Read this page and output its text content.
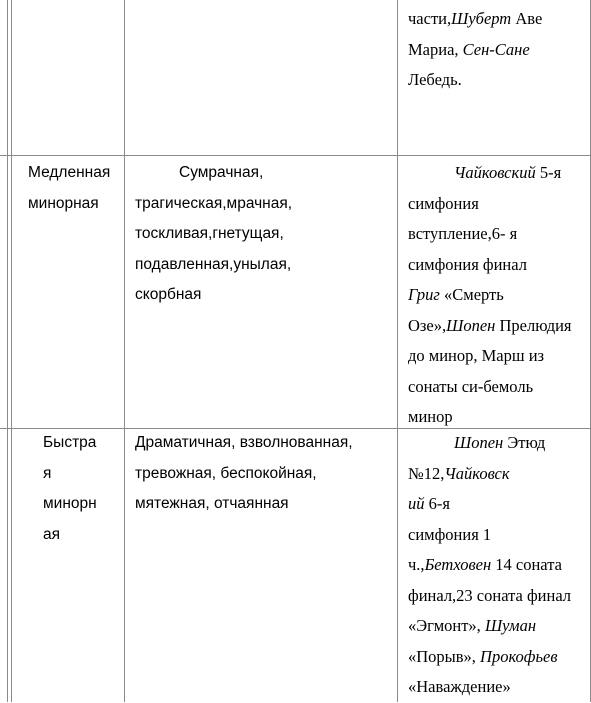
части,Шуберт Аве
Мариа, Сен-Сане
Лебедь.
Медленная
минорная
Сумрачная,
трагическая,мрачная,
тоскливая,гнетущая,
подавленная,унылая,
скорбная
Чайковский 5-я
симфония
вступление,6- я
симфония финал
Григ «Смерть
Озе»,Шопен Прелюдия
до минор, Марш из
сонаты си-бемоль
минор
Быстра
я
минорн
ая
Драматичная, взволнованная,
тревожная, беспокойная,
мятежная, отчаянная
Шопен Этюд
№12,Чайковск
ий 6-я
симфония 1
ч.,Бетховен 14 соната
финал,23 соната финал
«Эгмонт», Шуман
«Порыв», Прокофьев
«Наваждение»
